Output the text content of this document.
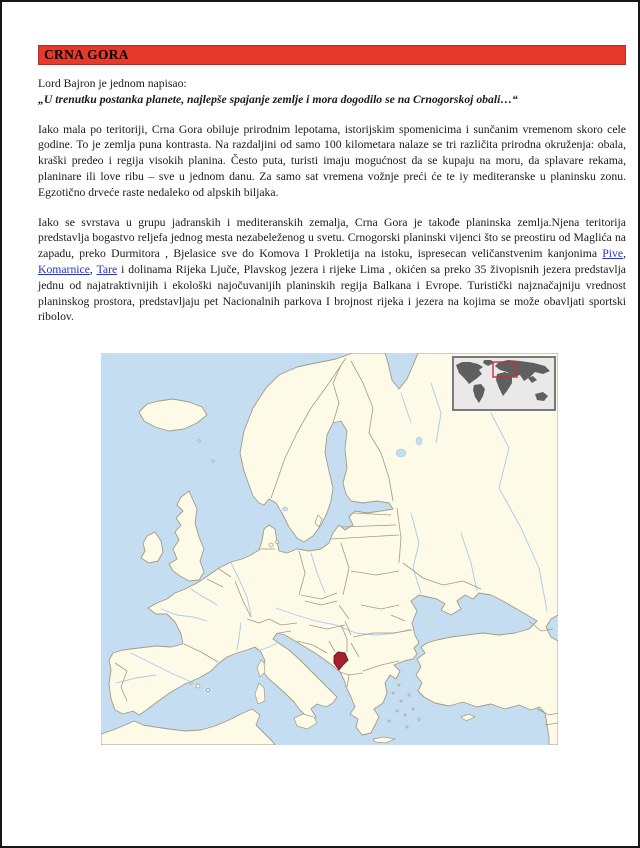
CRNA GORA

Lord Bajron je jednom napisao:

„U trenutku postanka planete, najlepše spajanje zemlje i mora dogodilo se na Crnogorskoj obali…“

Iako mala po teritoriji, Crna Gora obiluje prirodnim lepotama, istorijskim spomenicima i sunčanim vremenom skoro cele godine. To je zemlja puna kontrasta. Na razdaljini od samo 100 kilometara nalaze se tri različita prirodna okruženja: obala, kraški predeo i regija visokih planina. Često puta, turisti imaju mogućnost da se kupaju na moru, da splavare rekama, planinare ili love ribu – sve u jednom danu. Za samo sat vremena vožnje preći će te iy mediteranske u planinsku zonu. Egzotično drveće raste nedaleko od alpskih biljaka.

Iako se svrstava u grupu jadranskih i mediteranskih zemalja, Crna Gora je takođe planinska zemlja.Njena teritorija predstavlja bogastvo reljefa jednog mesta nezabeleženog u svetu. Crnogorski planinski vijenci što se preostiru od Maglića na zapadu, preko Durmitora , Bjelasice sve do Komova I Prokletija na istoku, ispresecan veličanstvenim kanjonima Pive, Komarnice, Tare i dolinama Rijeka Ljuče, Plavskog jezera i rijeke Lima , okićen sa preko 35 živopisnih jezera predstavlja jednu od najatraktivnijih i ekološki najočuvanijih planinskih regija Balkana i Evrope. Turistički najznačajniju vrednost planinskog prostora, predstavljaju pet Nacionalnih parkova I brojnost rijeka i jezera na kojima se može obavljati sportski ribolov.
